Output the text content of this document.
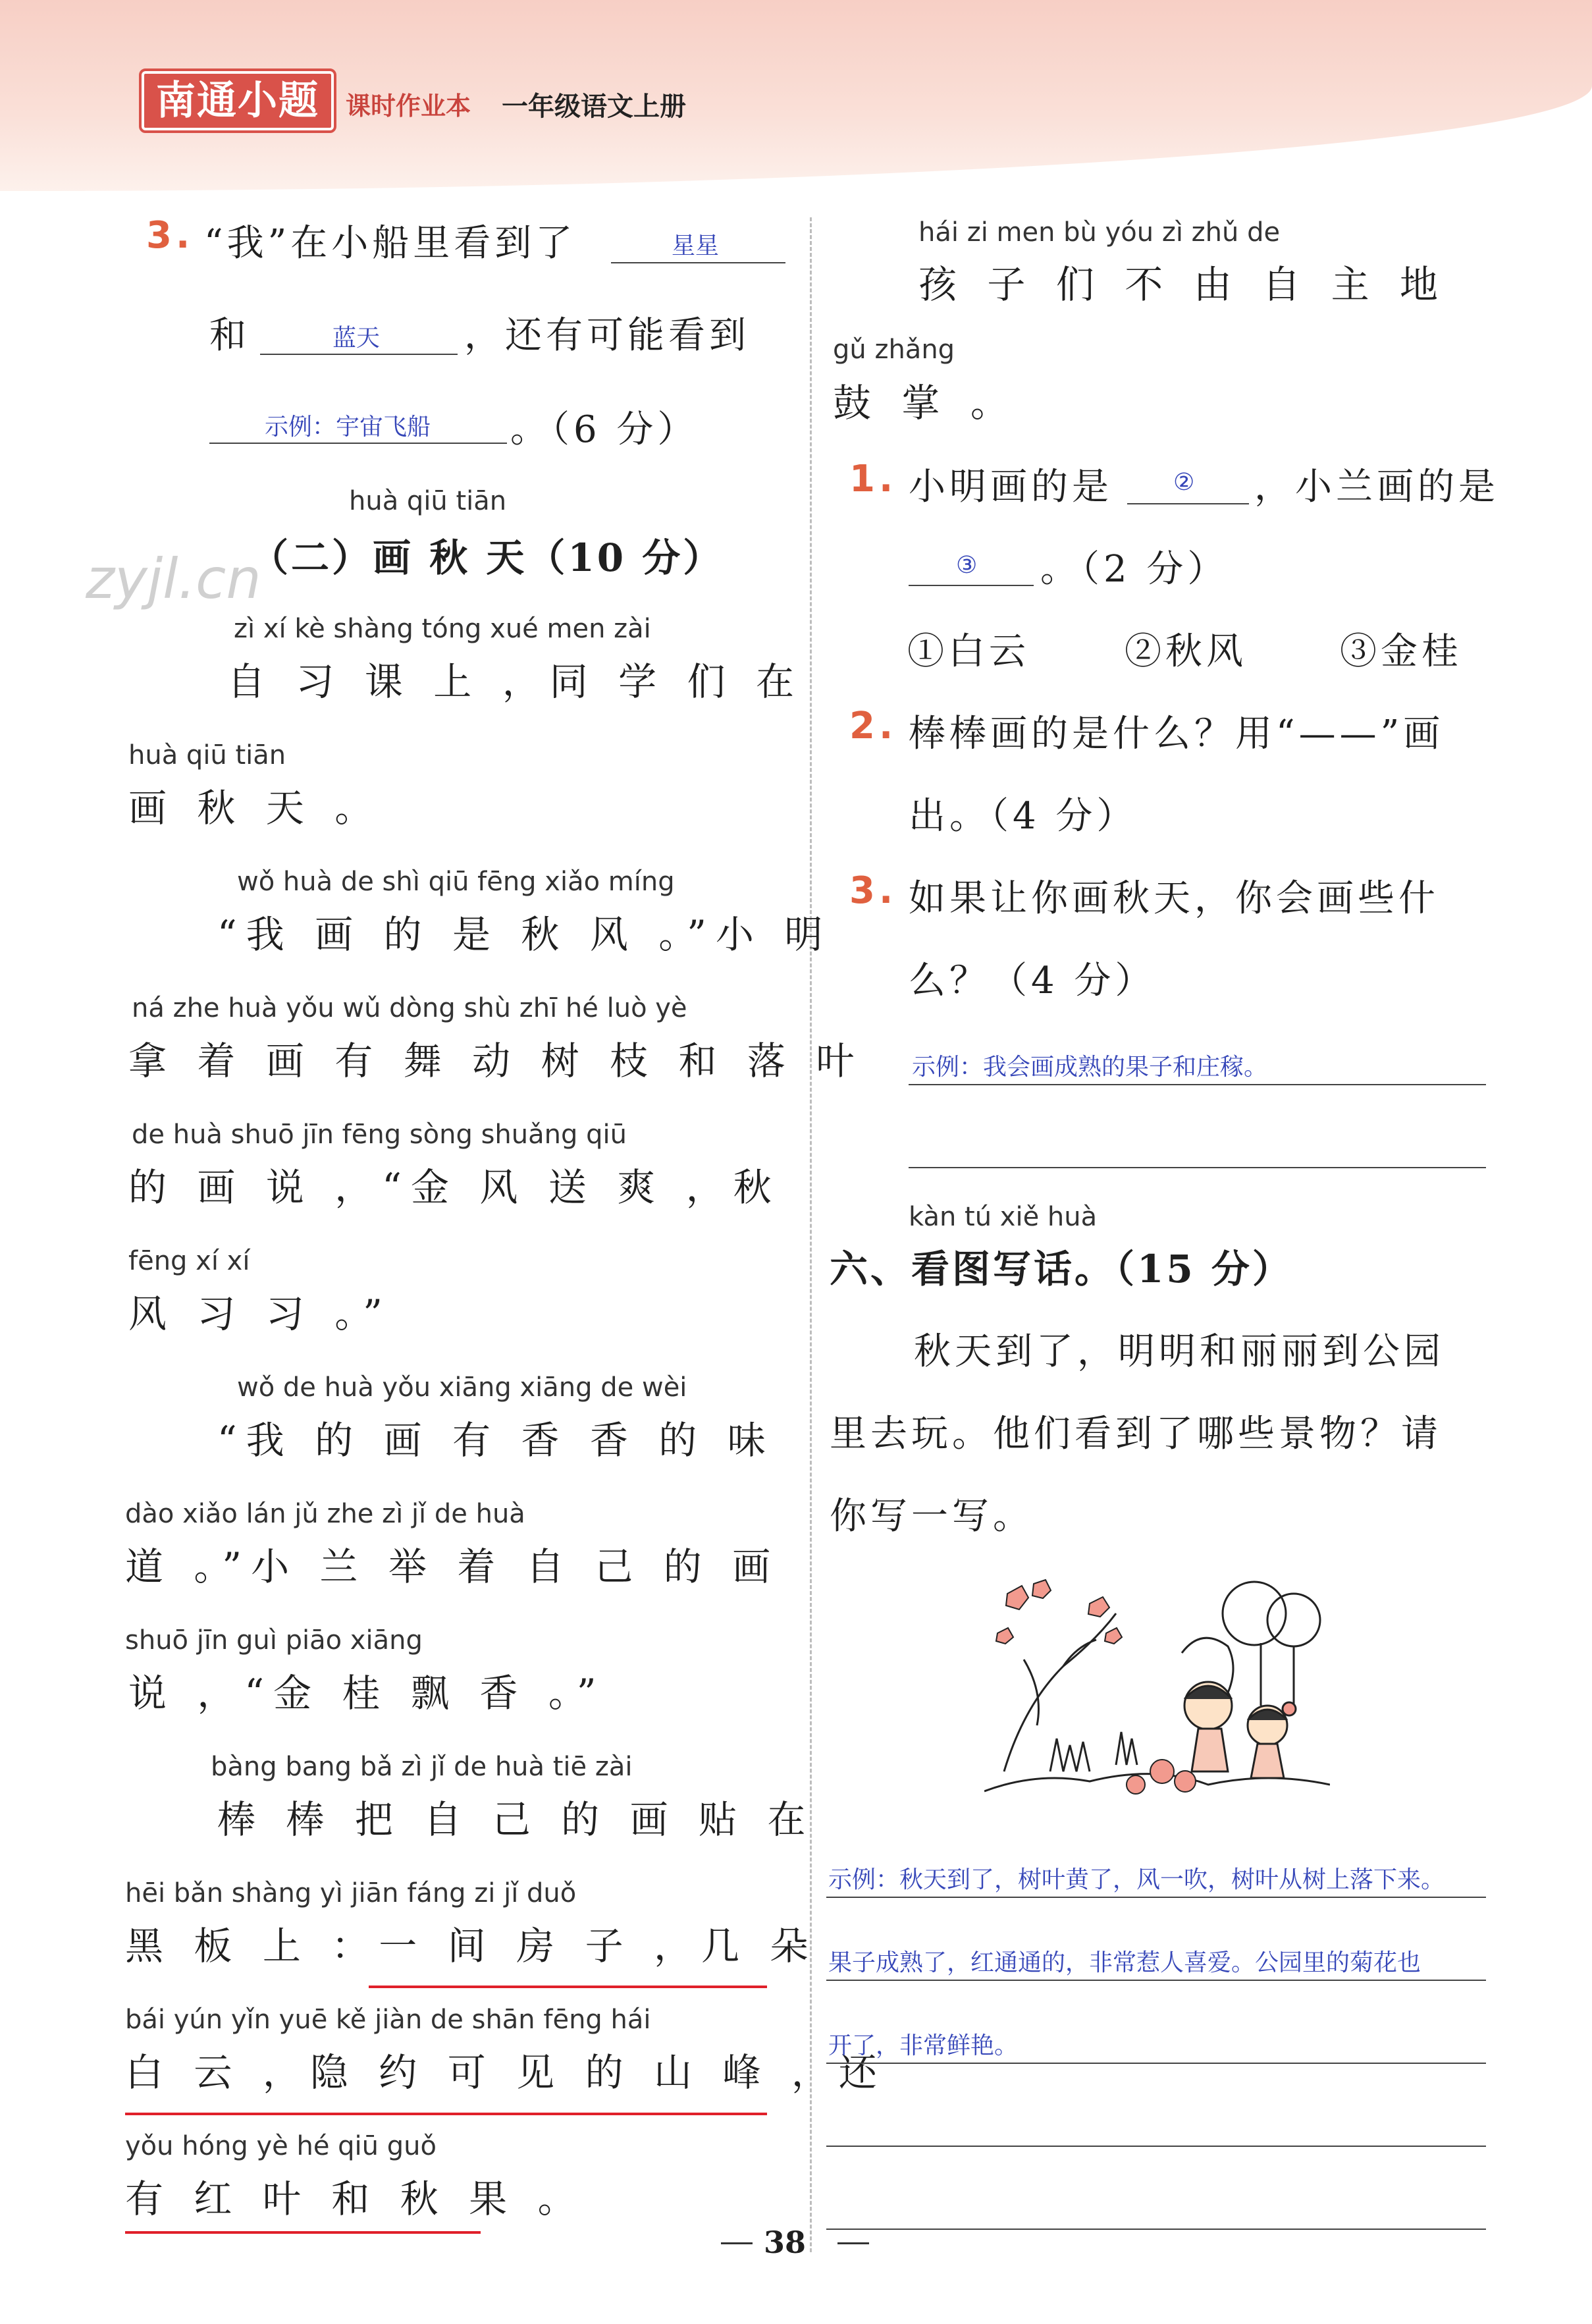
南通小题	课时作业本 一年级语文上册
zyjl.cn
3. “我”在小船里看到了	星星
和	蓝天 ，还有可能看到
示例：宇宙飞船 。（6 分）
huà qiū tiān
（二）画 秋 天（10 分）
zì xí kè shàng tóng xué men zài
自 习 课 上 ，同 学 们 在
huà qiū tiān
画 秋 天 。
wǒ huà de shì qiū fēng xiǎo míng
“我 画 的 是 秋 风 。”小 明
ná zhe huà yǒu wǔ dòng shù zhī hé luò yè
拿 着 画 有 舞 动 树 枝 和 落 叶
de huà shuō jīn fēng sòng shuǎng qiū
的 画 说 ，“金 风 送 爽 ，秋
fēng xí xí
风 习 习 。”
wǒ de huà yǒu xiāng xiāng de wèi
“我 的 画 有 香 香 的 味
dào xiǎo lán jǔ zhe zì jǐ de huà
道 。”小 兰 举 着 自 己 的 画
shuō jīn guì piāo xiāng
说 ，“金 桂 飘 香 。”
bàng bang bǎ zì jǐ de huà tiē zài
棒 棒 把 自 己 的 画 贴 在
hēi bǎn shàng yì jiān fáng zi jǐ duǒ
黑 板 上 ：一 间 房 子 ，几 朵
bái yún yǐn yuē kě jiàn de shān fēng hái
白 云 ，隐 约 可 见 的 山 峰 ，还
yǒu hóng yè hé qiū guǒ
有 红 叶 和 秋 果 。
hái zi men bù yóu zì zhǔ de
孩 子 们 不 由 自 主 地
gǔ zhǎng
鼓 掌 。
1. 小明画的是	② ，小兰画的是
③ 。（2 分）
①白云	②秋风	③金桂
2. 棒棒画的是什么？用“——”画
出。（4 分）
3. 如果让你画秋天，你会画些什
么？（4 分）
示例：我会画成熟的果子和庄稼。
kàn tú xiě huà
六、看图写话。（15 分）
秋天到了，明明和丽丽到公园
里去玩。他们看到了哪些景物？请
你写一写。
示例：秋天到了，树叶黄了，风一吹，树叶从树上落下来。
果子成熟了，红通通的，非常惹人喜爱。公园里的菊花也
开了，非常鲜艳。
38
